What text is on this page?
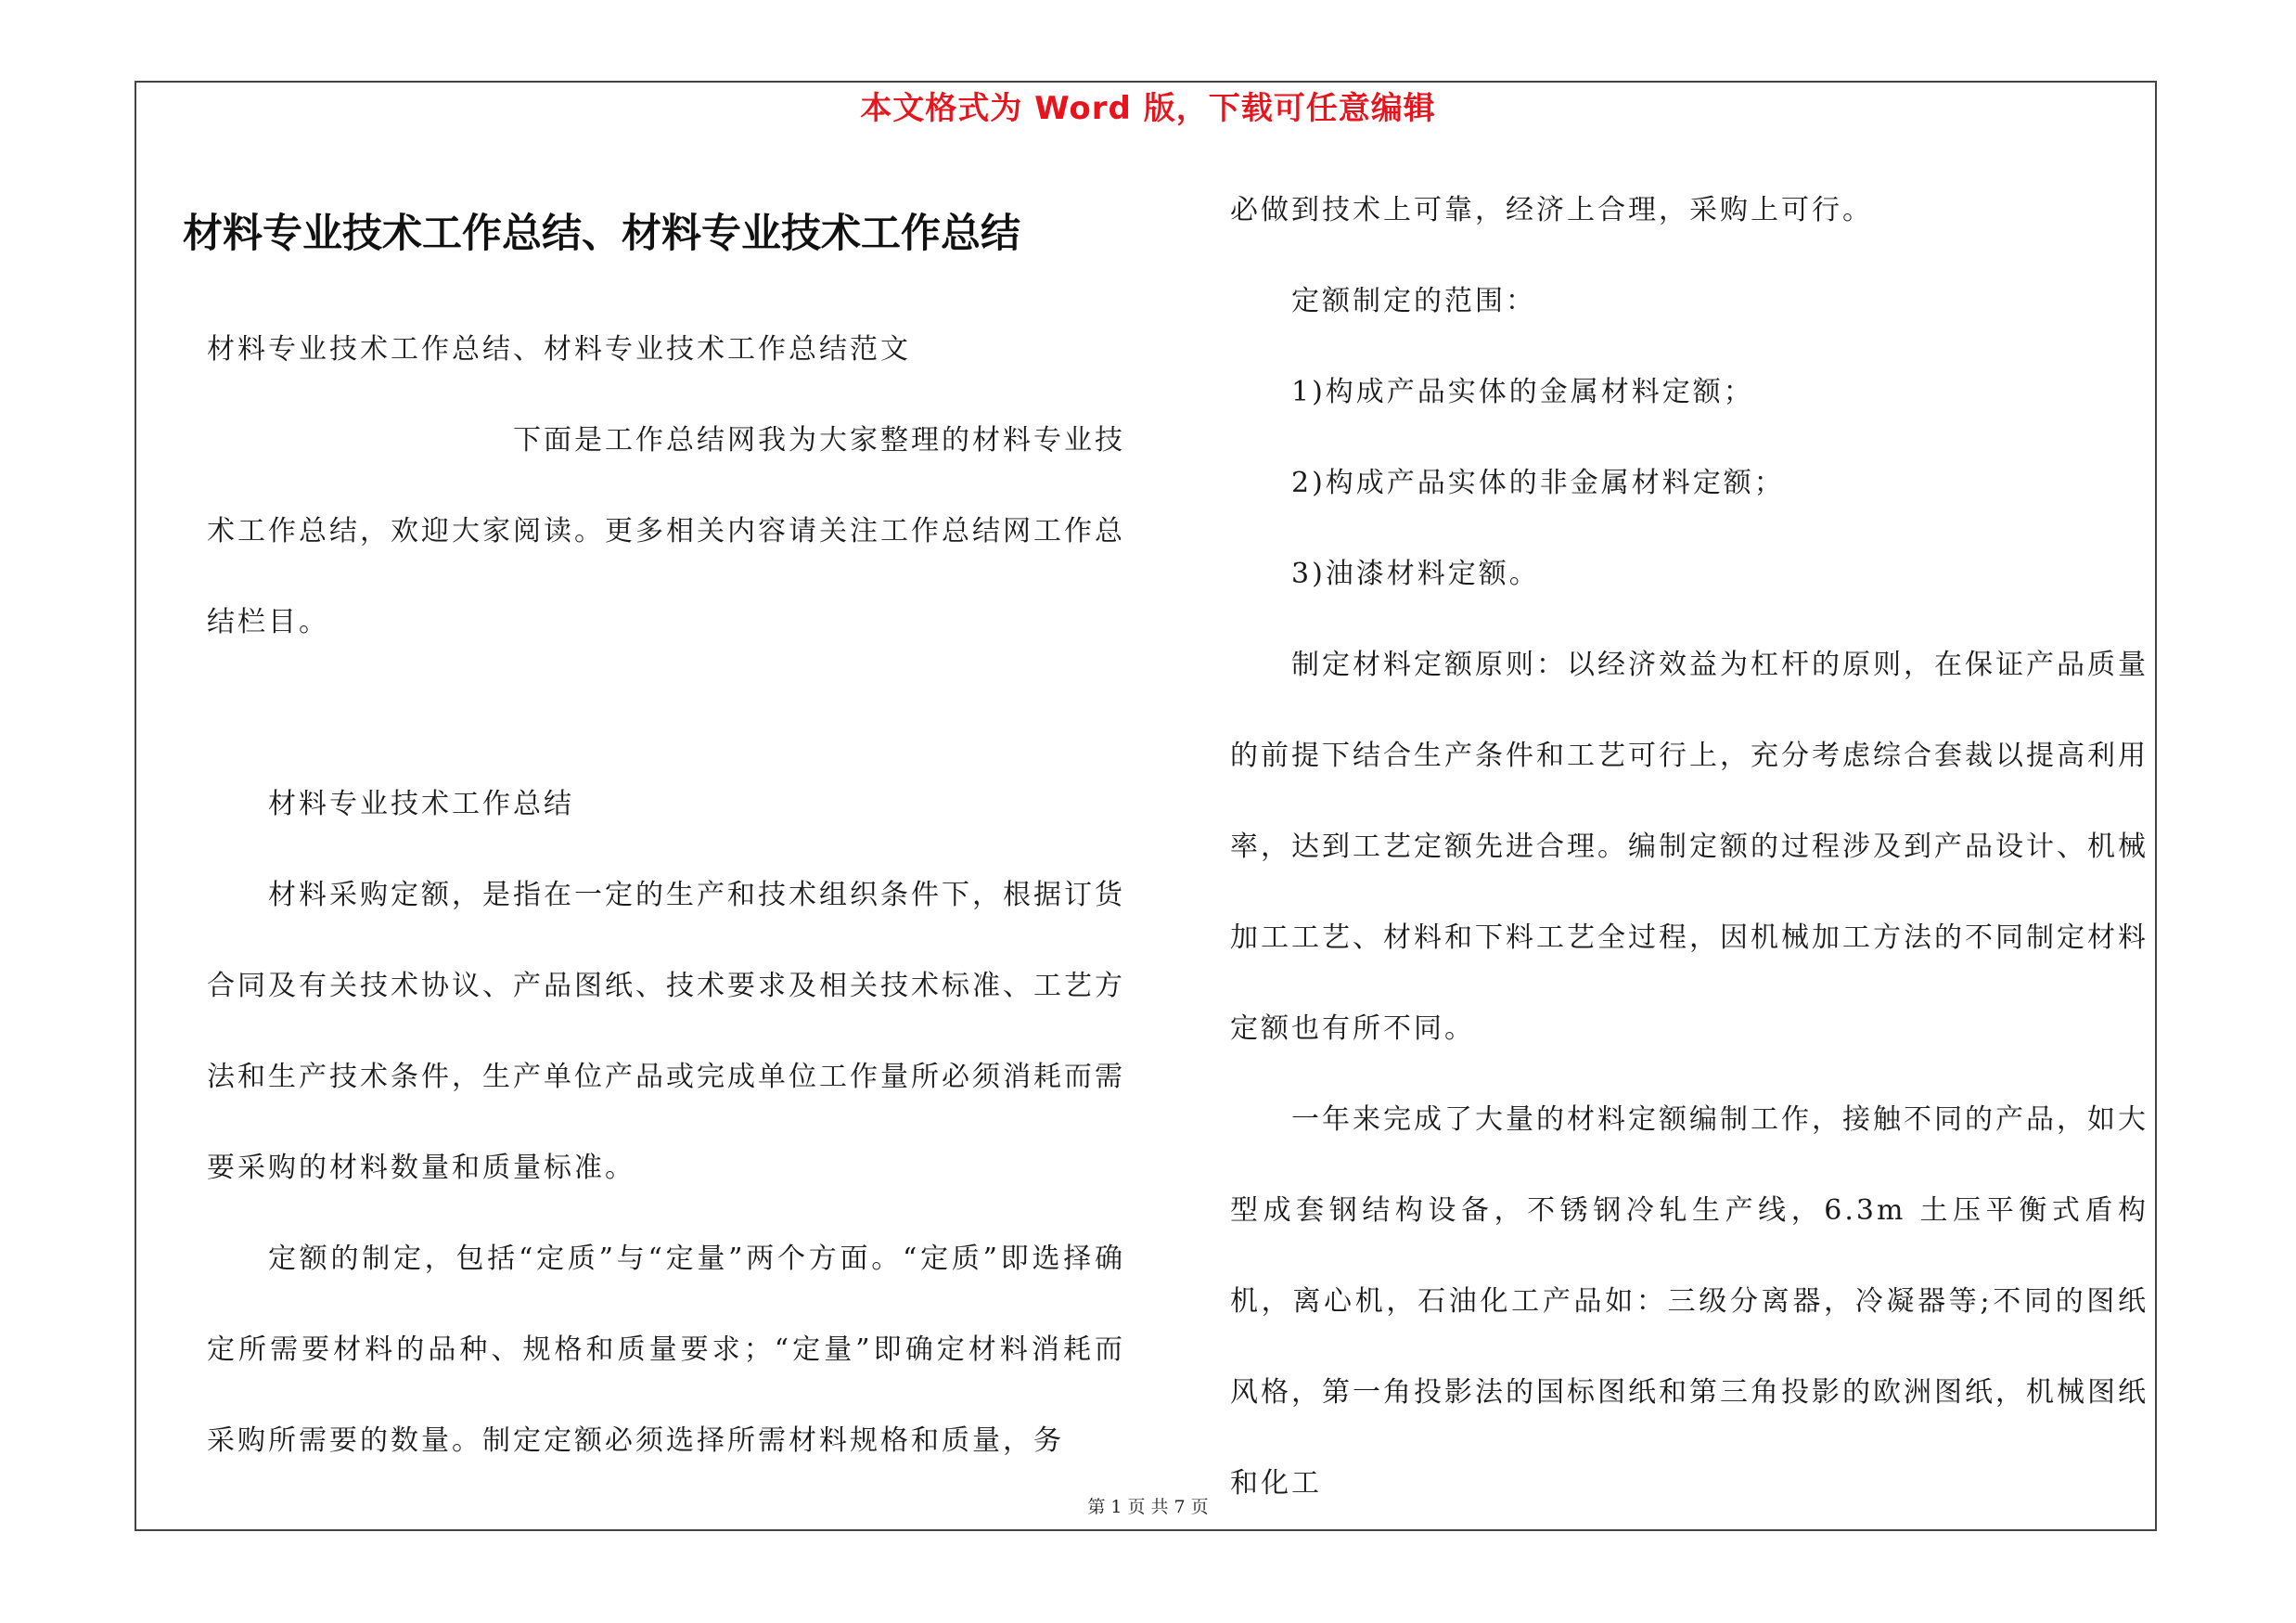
本文格式为 Word 版，下载可任意编辑
材料专业技术工作总结、材料专业技术工作总结

材料专业技术工作总结、材料专业技术工作总结范文

下面是工作总结网我为大家整理的材料专业技术工作总结，欢迎大家阅读。更多相关内容请关注工作总结网工作总结栏目。

材料专业技术工作总结

材料采购定额，是指在一定的生产和技术组织条件下，根据订货合同及有关技术协议、产品图纸、技术要求及相关技术标准、工艺方法和生产技术条件，生产单位产品或完成单位工作量所必须消耗而需要采购的材料数量和质量标准。

定额的制定，包括“定质”与“定量”两个方面。“定质”即选择确定所需要材料的品种、规格和质量要求；“定量”即确定材料消耗而采购所需要的数量。制定定额必须选择所需材料规格和质量，务

必做到技术上可靠，经济上合理，采购上可行。

定额制定的范围：

1)构成产品实体的金属材料定额；

2)构成产品实体的非金属材料定额；

3)油漆材料定额。

制定材料定额原则：以经济效益为杠杆的原则，在保证产品质量的前提下结合生产条件和工艺可行上，充分考虑综合套裁以提高利用率，达到工艺定额先进合理。编制定额的过程涉及到产品设计、机械加工工艺、材料和下料工艺全过程，因机械加工方法的不同制定材料定额也有所不同。

一年来完成了大量的材料定额编制工作，接触不同的产品，如大型成套钢结构设备，不锈钢冷轧生产线，6.3m 土压平衡式盾构机，离心机，石油化工产品如：三级分离器，冷凝器等;不同的图纸风格，第一角投影法的国标图纸和第三角投影的欧洲图纸，机械图纸和化工

第 1 页 共 7 页
